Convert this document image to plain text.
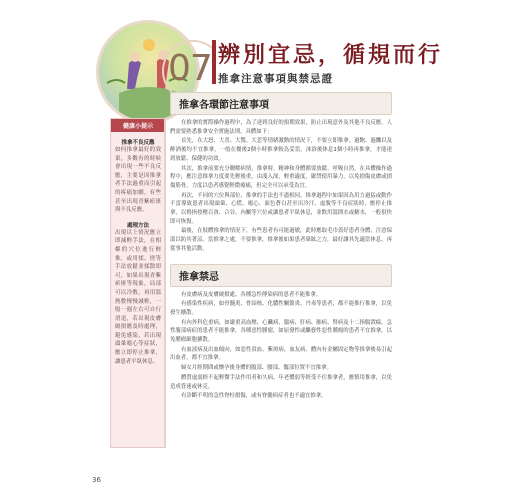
07 辨別宜忌，循規而行
推拿注意事項與禁忌證
健康小提示
推拿不良反應
如何推拿最好的效果，多數有的時候會出現一些不良反應，主要是因推拿者手法過重而引起的疼痛加劇，有些甚至出現青紫瘀斑與不良反應。
處理方法
出現以上情況應立即減輕手法，在相鄰的穴位進行輕推，或用揉、搓等手法放鬆並揉散即可，如果出現青紫瘀斑等現象，局部可以冷敷，再用溫熱敷慢慢減輕，一般一週左右可自行消退，若出現皮膚破損應及時處理，避免感染，若出現頭暈噁心等症狀，應立即停止推拿，讓患者平臥休息。
推拿各環節注意事項

在推拿的實際操作過程中，為了達到良好的預期效果，防止出現意外及其他不良反應，人們需要熟悉推拿安全實施法則，具體如下：

首先，在大怒、大喜、大驚、大悲等情緒激動的情況下，不要立即推拿。過飽、過饑以及醉酒後均不宜推拿，一般在餐後2個小時推拿較為妥當。沐浴後休息1個小時再推拿，才能達到放鬆、保健的功效。

其次，推拿前要充分瞭解病情，推拿時，精神和身體都要放鬆，呼吸自然。在具體操作過程中，應注意推拿力度要先輕後重，由淺入深，輕重適度，嚴禁使用暴力，以免損傷皮膚或損傷筋骨，力度以患者感覺輕微痠痛，但完全可以承受為宜。

再次，不同的穴位與部位，推拿的手法也不盡相同。推拿過程中如果因為用力過猛或動作不當導致患者出現頭暈、心慌、噁心、面色蒼白甚至出冷汗、虛脫等不良症狀時，應停止推拿，以拇指按壓百會、合谷、內關等穴位或讓患者平臥休息，並飲用溫開水或糖水，一般很快即可恢復。

最後，在肢體推拿的情況下，有些患者有可能過敏，此時應取毛巾蓋好患者身體，注意保溫以防其著涼。當推拿之處，不要推拿，推拿後如果患者暈眩之力，最好讓其先適當休息，再從事其他活動。

推拿禁忌

有皮膚病及皮膚破損處、各種急性傳染病的患者不能推拿。

有感染性疾病，如骨髓炎、骨結核、化膿性關節炎、丹毒等患者，都不能推行推拿，以免發生擴散。

有內外科危重病，如嚴重高血壓、心臟病、腦病、肝病、肺病、腎病及十二指腸潰瘍、急性腹部病症的患者不能推拿，各種惡性腫瘤，如原發性或繼發性惡性腫瘤的患者不宜推拿，以免腫瘤細胞擴散。

有血液病及出血傾向，如惡性貧血、紫斑病、血友病、體內有金屬固定物等推拿後易引起出血者，都不宜推拿。

婦女月經期間或懷孕後身體的腹部、腰部、髖部位置不宜推拿。

體質虛弱經不起輕微手法作用者和久病、年老體弱等經受不住推拿者，應慎用推拿，以免造成昏迷或休克。

有診斷不明的急性脊柱損傷，或有脊髓病症者也不適宜推拿。

36
